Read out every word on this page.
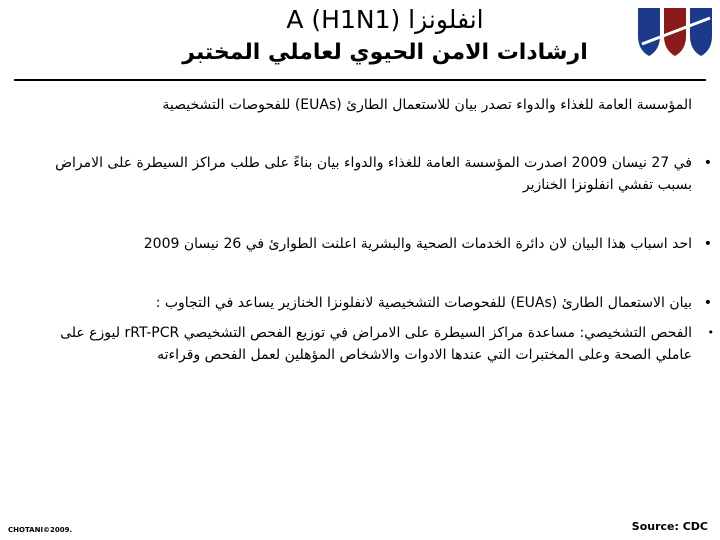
انفلونزا A (H1N1)
ارشادات الامن الحيوي لعاملي المختبر
المؤسسة العامة للغذاء والدواء تصدر بيان للاستعمال الطارئ (EUAs) للفحوصات التشخيصية
•
في 27 نيسان 2009 اصدرت المؤسسة العامة للغذاء والدواء بيان بناءً على طلب مراكز السيطرة على الامراض بسبب تفشي انفلونزا الخنازير
•
احد اسباب هذا البيان لان دائرة الخدمات الصحية والبشرية اعلنت الطوارئ في 26 نيسان 2009
•
بيان الاستعمال الطارئ (EUAs) للفحوصات التشخيصية لانفلونزا الخنازير يساعد في التجاوب :
•
الفحص التشخيصي: مساعدة مراكز السيطرة على الامراض في توزيع الفحص التشخيصي rRT-PCR ليوزع على عاملي الصحة وعلى المختبرات التي عندها الادوات والاشخاص المؤهلين لعمل الفحص وقراءته
CHOTANI©2009.	Source: CDC
